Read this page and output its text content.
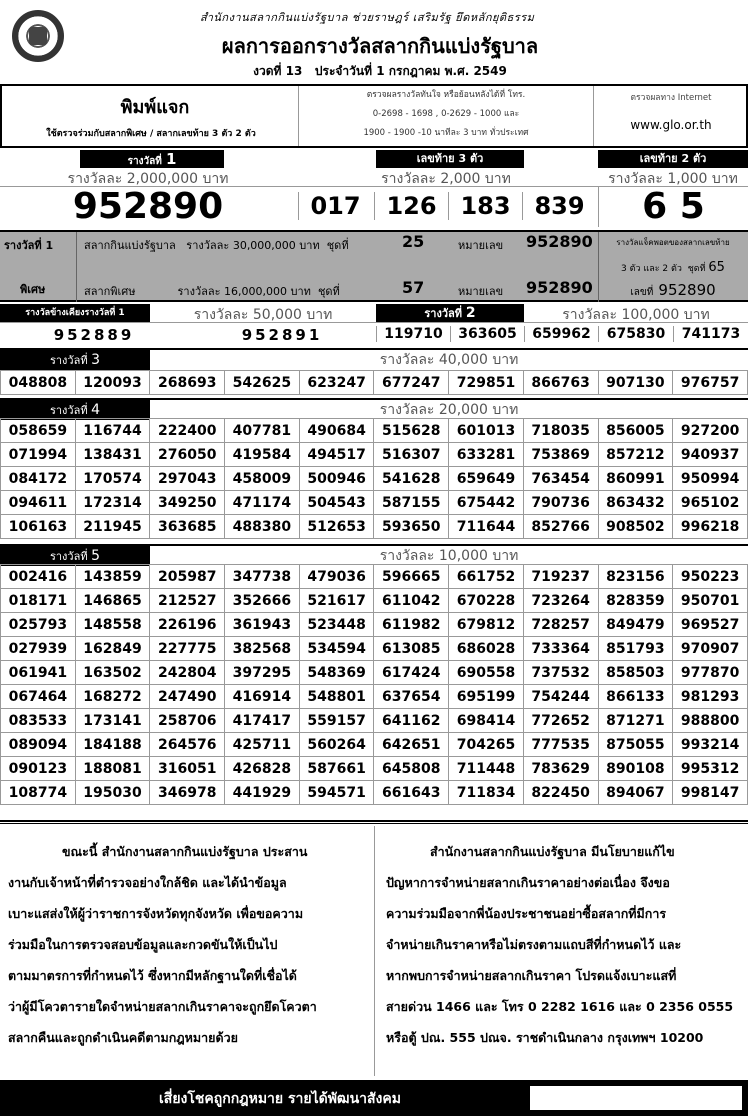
สำนักงานสลากกินแบ่งรัฐบาล ช่วยราษฎร์ เสริมรัฐ ยึดหลักยุติธรรม
ผลการออกรางวัลสลากกินแบ่งรัฐบาล
งวดที่ 13 ประจำวันที่ 1 กรกฎาคม พ.ศ. 2549
พิมพ์แจก
ใช้ตรวจร่วมกับสลากพิเศษ / สลากเลขท้าย 3 ตัว 2 ตัว
ตรวจผลรางวัลทันใจ หรือย้อนหลังได้ที่ โทร.
0-2698 - 1698 , 0-2629 - 1000 และ
1900 - 1900 -10 นาทีละ 3 บาท ทั่วประเทศ
ตรวจผลทาง Internet
www.glo.or.th
รางวัลที่ 1	เลขท้าย 3 ตัว	เลขท้าย 2 ตัว
รางวัลละ 2,000,000 บาท	รางวัลละ 2,000 บาท	รางวัลละ 1,000 บาท
952890	017	126 183 839	6 5
รางวัลที่ 1
พิเศษ
สลากกินแบ่งรัฐบาล รางวัลละ 30,000,000 บาท ชุดที่	25	หมายเลข 952890
สลากพิเศษ	รางวัลละ 16,000,000 บาท ชุดที่	57	หมายเลข 952890
รางวัลแจ็คพอตของสลากเลขท้าย
3 ตัว และ 2 ตัว ชุดที่ 65
เลขที่ 952890
รางวัลข้างเคียงรางวัลที่ 1	รางวัลละ 50,000 บาท	รางวัลที่ 2	รางวัลละ 100,000 บาท
952889	952891	119710	363605	659962	675830	741173
รางวัลที่ 3	รางวัลละ 40,000 บาท
048808	120093	268693	542625	623247	677247	729851	866763	907130	976757
รางวัลที่ 4	รางวัลละ 20,000 บาท
058659	116744	222400	407781	490684	515628	601013	718035	856005	927200
071994	138431	276050	419584	494517	516307	633281	753869	857212	940937
084172	170574	297043	458009	500946	541628	659649	763454	860991	950994
094611	172314	349250	471174	504543	587155	675442	790736	863432	965102
106163	211945	363685	488380	512653	593650	711644	852766	908502	996218
รางวัลที่ 5	รางวัลละ 10,000 บาท
002416	143859	205987	347738	479036	596665	661752	719237	823156	950223
018171	146865	212527	352666	521617	611042	670228	723264	828359	950701
025793	148558	226196	361943	523448	611982	679812	728257	849479	969527
027939	162849	227775	382568	534594	613085	686028	733364	851793	970907
061941	163502	242804	397295	548369	617424	690558	737532	858503	977870
067464	168272	247490	416914	548801	637654	695199	754244	866133	981293
083533	173141	258706	417417	559157	641162	698414	772652	871271	988800
089094	184188	264576	425711	560264	642651	704265	777535	875055	993214
090123	188081	316051	426828	587661	645808	711448	783629	890108	995312
108774	195030	346978	441929	594571	661643	711834	822450	894067	998147
ขณะนี้ สำนักงานสลากกินแบ่งรัฐบาล ประสาน
งานกับเจ้าหน้าที่ตำรวจอย่างใกล้ชิด และได้นำข้อมูล
เบาะแสส่งให้ผู้ว่าราชการจังหวัดทุกจังหวัด เพื่อขอความ
ร่วมมือในการตรวจสอบข้อมูลและกวดขันให้เป็นไป
ตามมาตรการที่กำหนดไว้ ซึ่งหากมีหลักฐานใดที่เชื่อได้
ว่าผู้มีโควตารายใดจำหน่ายสลากเกินราคาจะถูกยึดโควตา
สลากคืนและถูกดำเนินคดีตามกฎหมายด้วย
สำนักงานสลากกินแบ่งรัฐบาล มีนโยบายแก้ไข
ปัญหาการจำหน่ายสลากเกินราคาอย่างต่อเนื่อง จึงขอ
ความร่วมมือจากพี่น้องประชาชนอย่าซื้อสลากที่มีการ
จำหน่ายเกินราคาหรือไม่ตรงตามแถบสีที่กำหนดไว้ และ
หากพบการจำหน่ายสลากเกินราคา โปรดแจ้งเบาะแสที่
สายด่วน 1466 และ โทร 0 2282 1616 และ 0 2356 0555
หรือตู้ ปณ. 555 ปณจ. ราชดำเนินกลาง กรุงเทพฯ 10200
เสี่ยงโชคถูกกฎหมาย รายได้พัฒนาสังคม
